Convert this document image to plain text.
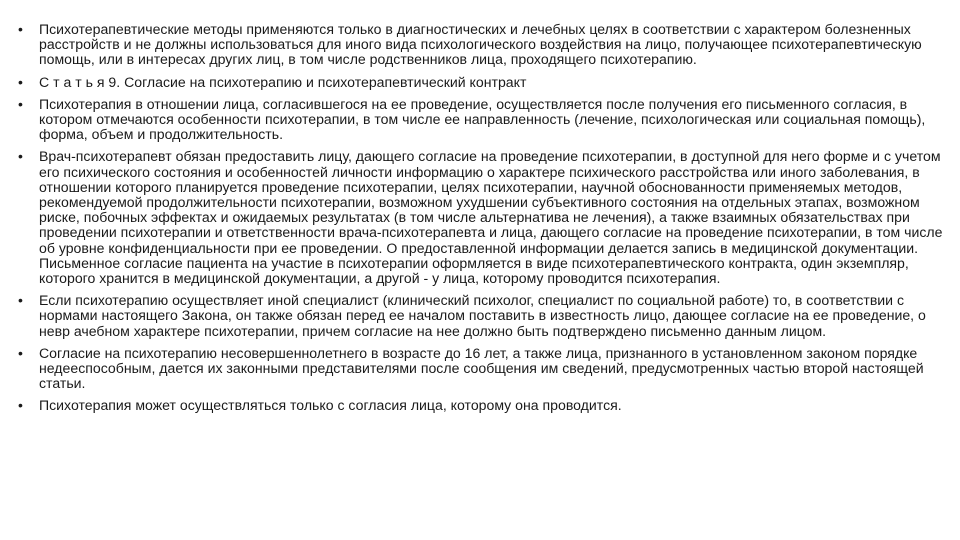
• Психотерапевтические методы применяются только в диагностических и лечебных целях в соответствии с характером болезненных расстройств и не должны использоваться для иного вида психологического воздействия на лицо, получающее психотерапевтическую помощь, или в интересах других лиц, в том числе родственников лица, проходящего психотерапию.
• С т а т ь я 9. Согласие на психотерапию и психотерапевтический контракт
• Психотерапия в отношении лица, согласившегося на ее проведение, осуществляется после получения его письменного согласия, в котором отмечаются особенности психотерапии, в том числе ее направленность (лечение, психологическая или социальная помощь), форма, объем и продолжительность.
• Врач-психотерапевт обязан предоставить лицу, дающего согласие на проведение психотерапии, в доступной для него форме и с учетом его психического состояния и особенностей личности информацию о характере психического расстройства или иного заболевания, в отношении которого планируется проведение психотерапии, целях психотерапии, научной обоснованности применяемых методов, рекомендуемой продолжительности психотерапии, возможном ухудшении субъективного состояния на отдельных этапах, возможном риске, побочных эффектах и ожидаемых результатах (в том числе альтернатива не лечения), а также взаимных обязательствах при проведении психотерапии и ответственности врача-психотерапевта и лица, дающего согласие на проведение психотерапии, в том числе об уровне конфиденциальности при ее проведении. О предоставленной информации делается запись в медицинской документации. Письменное согласие пациента на участие в психотерапии оформляется в виде психотерапевтического контракта, один экземпляр, которого хранится в медицинской документации, а другой - у лица, которому проводится психотерапия.
• Если психотерапию осуществляет иной специалист (клинический психолог, специалист по социальной работе) то, в соответствии с нормами настоящего Закона, он также обязан перед ее началом поставить в известность лицо, дающее согласие на ее проведение, о невр ачебном характере психотерапии, причем согласие на нее должно быть подтверждено письменно данным лицом.
• Согласие на психотерапию несовершеннолетнего в возрасте до 16 лет, а также лица, признанного в установленном законом порядке недееспособным, дается их законными представителями после сообщения им сведений, предусмотренных частью второй настоящей статьи.
• Психотерапия может осуществляться только с согласия лица, которому она проводится.
